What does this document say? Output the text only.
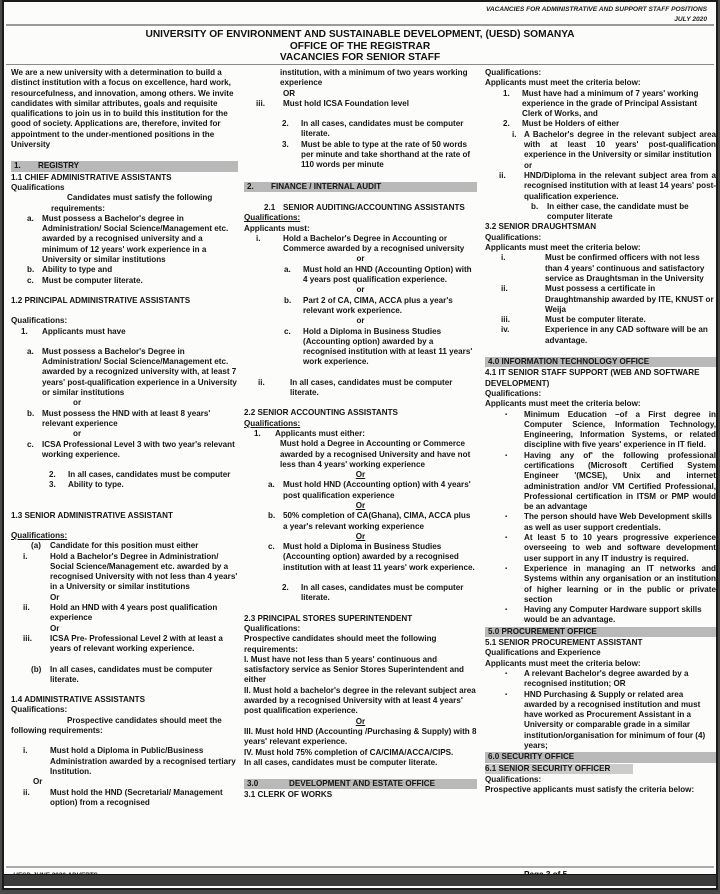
VACANCIES FOR ADMINISTRATIVE AND SUPPORT STAFF POSITIONS
JULY 2020
UNIVERSITY OF ENVIRONMENT AND SUSTAINABLE DEVELOPMENT, (UESD) SOMANYA
OFFICE OF THE REGISTRAR
VACANCIES FOR SENIOR STAFF
We are a new university with a determination to build a distinct institution with a focus on excellence, hard work, resourcefulness, and innovation, among others. We invite candidates with similar attributes, goals and requisite qualifications to join us in to build this institution for the good of society. Applications are, therefore, invited for appointment to the under-mentioned positions in the University
1.	REGISTRY
1.1 CHIEF ADMINISTRATIVE ASSISTANTS
Qualifications
Candidates must satisfy the following requirements:
a.	Must possess a Bachelor's degree in Administration/ Social Science/Management etc. awarded by a recognised university and a minimum of 12 years' work experience in a University or similar institutions
b. Ability to type and
c.	Must be computer literate.
1.2 PRINCIPAL ADMINISTRATIVE ASSISTANTS
Qualifications:
1.	Applicants must have
a.	Must possess a Bachelor's Degree in Administration/ Social Science/Management etc. awarded by a recognized university with, at least 7 years' post-qualification experience in a University or similar institutions
or
b. Must possess the HND with at least 8 years' relevant experience
or
c.	ICSA Professional Level 3 with two year's relevant working experience.
2.	In all cases, candidates must be computer
3.	Ability to type.
1.3 SENIOR ADMINISTRATIVE ASSISTANT
Qualifications:
(a)	Candidate for this position must either
i.	Hold a Bachelor's Degree in Administration/ Social Science/Management etc. awarded by a recognised University with not less than 4 years' in a University or similar institutions
Or
ii.	Hold an HND with 4 years post qualification experience
Or
iii.	ICSA Pre- Professional Level 2 with at least a years of relevant working experience.
(b)	In all cases, candidates must be computer literate.
1.4 ADMINISTRATIVE ASSISTANTS
Qualifications:
Prospective candidates should meet the following requirements:
i.	Must hold a Diploma in Public/Business Administration awarded by a recognised tertiary Institution.
Or
ii.	Must hold the HND (Secretarial/ Management option) from a recognised
institution, with a minimum of two years working experience
OR
iii.	Must hold ICSA Foundation level
2.	In all cases, candidates must be computer literate.
3.	Must be able to type at the rate of 50 words per minute and take shorthand at the rate of 110 words per minute
2.	FINANCE / INTERNAL AUDIT
2.1 SENIOR AUDITING/ACCOUNTING ASSISTANTS
Qualifications:
Applicants must:
i.	Hold a Bachelor's Degree in Accounting or Commerce awarded by a recognised university
or
a.	Must hold an HND (Accounting Option) with 4 years post qualification experience.
or
b.	Part 2 of CA, CIMA, ACCA plus a year's relevant work experience.
or
c.	Hold a Diploma in Business Studies (Accounting option) awarded by a recognised institution with at least 11 years' work experience.
ii.	In all cases, candidates must be computer literate.
2.2 SENIOR ACCOUNTING ASSISTANTS
Qualifications:
1.	Applicants must either:
Must hold a Degree in Accounting or Commerce awarded by a recognised University and have not less than 4 years' working experience
Or
a.	Must hold HND (Accounting option) with 4 years' post qualification experience
Or
b. 50% completion of CA(Ghana), CIMA, ACCA plus a year's relevant working experience
Or
c.	Must hold a Diploma in Business Studies (Accounting option) awarded by a recognised institution with at least 11 years' work experience.
2.	In all cases, candidates must be computer literate.
2.3 PRINCIPAL STORES SUPERINTENDENT
Qualifications:
Prospective candidates should meet the following requirements:
I. Must have not less than 5 years' continuous and satisfactory service as Senior Stores Superintendent and either
II. Must hold a bachelor's degree in the relevant subject area awarded by a recognised University with at least 4 years' post qualification experience.
Or
III. Must hold HND (Accounting /Purchasing & Supply) with 8 years' relevant experience.
IV. Must hold 75% completion of CA/CIMA/ACCA/CIPS.
In all cases, candidates must be computer literate.
3.0	DEVELOPMENT AND ESTATE OFFICE
3.1 CLERK OF WORKS
Qualifications:
Applicants must meet the criteria below:
1.	Must have had a minimum of 7 years' working experience in the grade of Principal Assistant Clerk of Works, and
2.	Must be Holders of either
i. A Bachelor's degree in the relevant subject area with at least 10 years' post-qualification experience in the University or similar institution
or
ii.	HND/Diploma in the relevant subject area from a recognised institution with at least 14 years' post-qualification experience.
b.	In either case, the candidate must be computer literate
3.2 SENIOR DRAUGHTSMAN
Qualifications:
Applicants must meet the criteria below:
i.	Must be confirmed officers with not less than 4 years' continuous and satisfactory service as Draughtsman in the University
ii.	Must possess a certificate in Draughtmanship awarded by ITE, KNUST or Weija
iii.	Must be computer literate.
iv.	Experience in any CAD software will be an advantage.
4.0 INFORMATION TECHNOLOGY OFFICE
4.1 IT SENIOR STAFF SUPPORT (WEB AND SOFTWARE DEVELOPMENT)
Qualifications:
Applicants must meet the criteria below:
▪	Minimum Education –of a First degree in Computer Science, Information Technology, Engineering, Information Systems, or related discipline with five years' experience in IT field.
▪	Having any of' the following professional certifications (Microsoft Certified System Engineer '(MCSE), Unix and internet administration and/or VM Certified Professional, Professional certification in ITSM or PMP would be an advantage
▪	The person should have Web Development skills as well as user support credentials.
▪	At least 5 to 10 years progressive experience overseeing to web and software development user support in any IT industry is required.
▪	Experience in managing an IT networks and Systems within any organisation or an institution of higher learning or in the public or private section
▪	Having any Computer Hardware support skills would be an advantage.
5.0 PROCUREMENT OFFICE
5.1 SENIOR PROCUREMENT ASSISTANT
Qualifications and Experience
Applicants must meet the criteria below:
▪	A relevant Bachelor's degree awarded by a recognised institution; OR
▪	HND Purchasing & Supply or related area awarded by a recognised institution and must have worked as Procurement Assistant in a University or comparable grade in a similar institution/organisation for minimum of four (4) years;
6.0 SECURITY OFFICE
6.1 SENIOR SECURITY OFFICER
Qualifications:
Prospective applicants must satisfy the criteria below:
